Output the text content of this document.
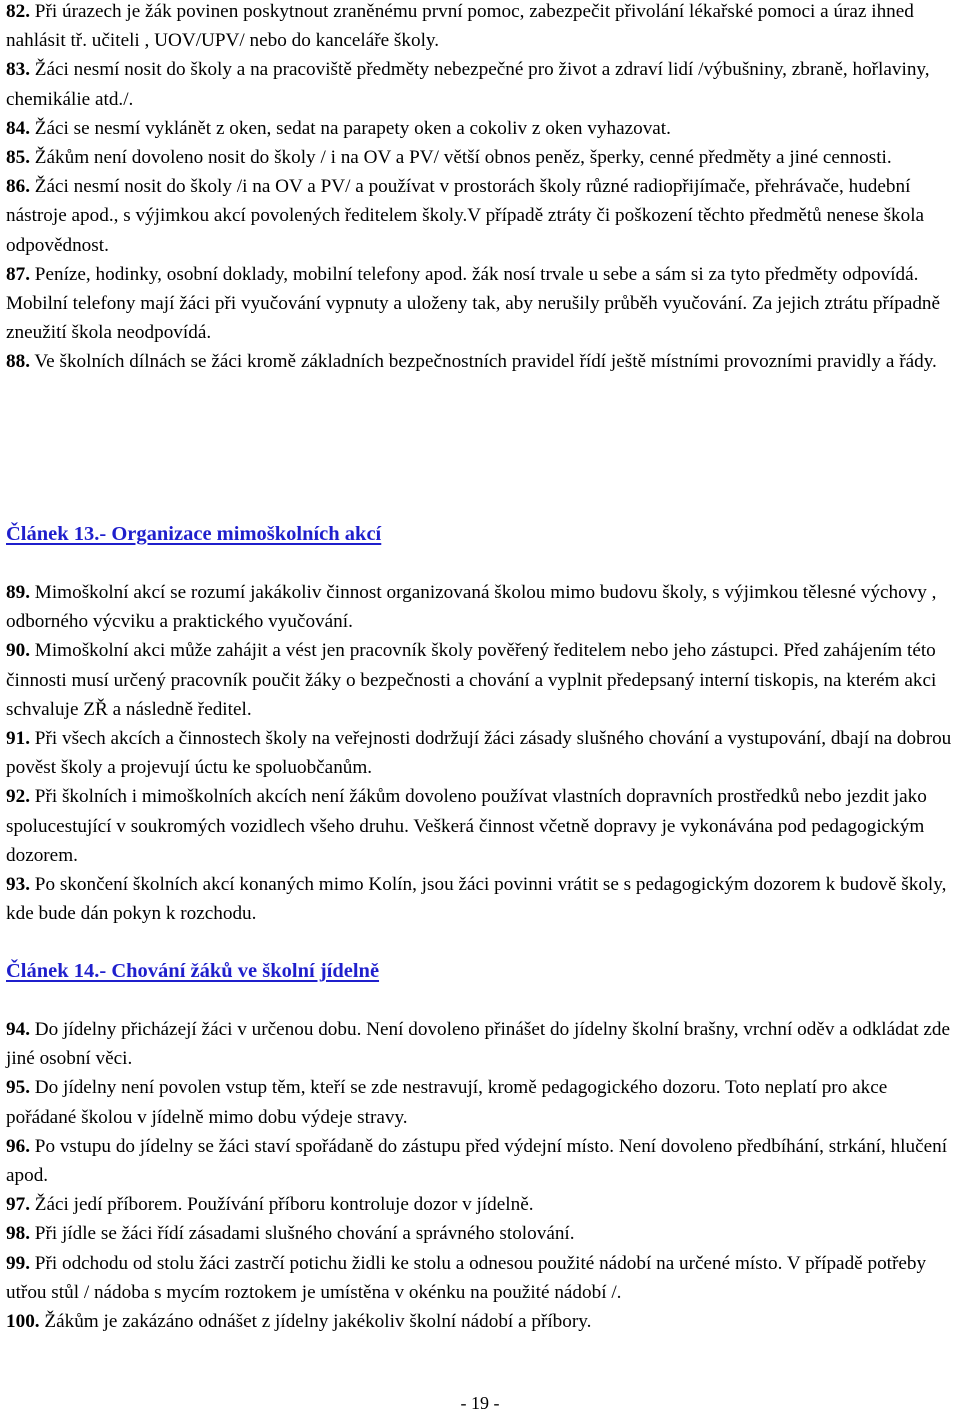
82. Při úrazech je žák povinen poskytnout zraněnému první pomoc, zabezpečit přivolání lékařské pomoci a úraz ihned nahlásit tř. učiteli , UOV/UPV/ nebo do kanceláře školy.

83. Žáci nesmí nosit do školy a na pracoviště předměty nebezpečné pro život a zdraví lidí /výbušniny, zbraně, hořlaviny, chemikálie atd./.

84. Žáci se nesmí vyklánět z oken, sedat na parapety oken a cokoliv z oken vyhazovat.

85. Žákům není dovoleno nosit do školy / i na OV a PV/ větší obnos peněz, šperky, cenné předměty a jiné cennosti.

86. Žáci nesmí nosit do školy /i na OV a PV/ a používat v prostorách školy různé radiopřijímače, přehrávače, hudební nástroje apod., s výjimkou akcí povolených ředitelem školy.V případě ztráty či poškození těchto předmětů nenese škola odpovědnost.

87. Peníze, hodinky, osobní doklady, mobilní telefony apod. žák nosí trvale u sebe a sám si za tyto předměty odpovídá. Mobilní telefony mají žáci při vyučování vypnuty a uloženy tak, aby nerušily průběh vyučování. Za jejich ztrátu případně zneužití škola neodpovídá.

88. Ve školních dílnách se žáci kromě základních bezpečnostních pravidel řídí ještě místními provozními pravidly a řády.

Článek 13.- Organizace mimoškolních akcí

89. Mimoškolní akcí se rozumí jakákoliv činnost organizovaná školou mimo budovu školy, s výjimkou tělesné výchovy , odborného výcviku a praktického vyučování.

90. Mimoškolní akci může zahájit a vést jen pracovník školy pověřený ředitelem nebo jeho zástupci. Před zahájením této činnosti musí určený pracovník poučit žáky o bezpečnosti a chování a vyplnit předepsaný interní tiskopis, na kterém akci schvaluje ZŘ a následně ředitel.

91. Při všech akcích a činnostech školy na veřejnosti dodržují žáci zásady slušného chování a vystupování, dbají na dobrou pověst školy a projevují úctu ke spoluobčanům.

92. Při školních i mimoškolních akcích není žákům dovoleno používat vlastních dopravních prostředků nebo jezdit jako spolucestující v soukromých vozidlech všeho druhu. Veškerá činnost včetně dopravy je vykonávána pod pedagogickým dozorem.

93. Po skončení školních akcí konaných mimo Kolín, jsou žáci povinni vrátit se s pedagogickým dozorem k budově školy, kde bude dán pokyn k rozchodu.

Článek 14.- Chování žáků ve školní jídelně

94. Do jídelny přicházejí žáci v určenou dobu. Není dovoleno přinášet do jídelny školní brašny, vrchní oděv a odkládat zde jiné osobní věci.

95. Do jídelny není povolen vstup těm, kteří se zde nestravují, kromě pedagogického dozoru. Toto neplatí pro akce pořádané školou v jídelně mimo dobu výdeje stravy.

96. Po vstupu do jídelny se žáci staví spořádaně do zástupu před výdejní místo. Není dovoleno předbíhání, strkání, hlučení apod.

97. Žáci jedí příborem. Používání příboru kontroluje dozor v jídelně.

98. Při jídle se žáci řídí zásadami slušného chování a správného stolování.

99. Při odchodu od stolu žáci zastrčí potichu židli ke stolu a odnesou použité nádobí na určené místo. V případě potřeby utřou stůl / nádoba s mycím roztokem je umístěna v okénku na použité nádobí /.

100. Žákům je zakázáno odnášet z jídelny jakékoliv školní nádobí a příbory.

- 19 -
